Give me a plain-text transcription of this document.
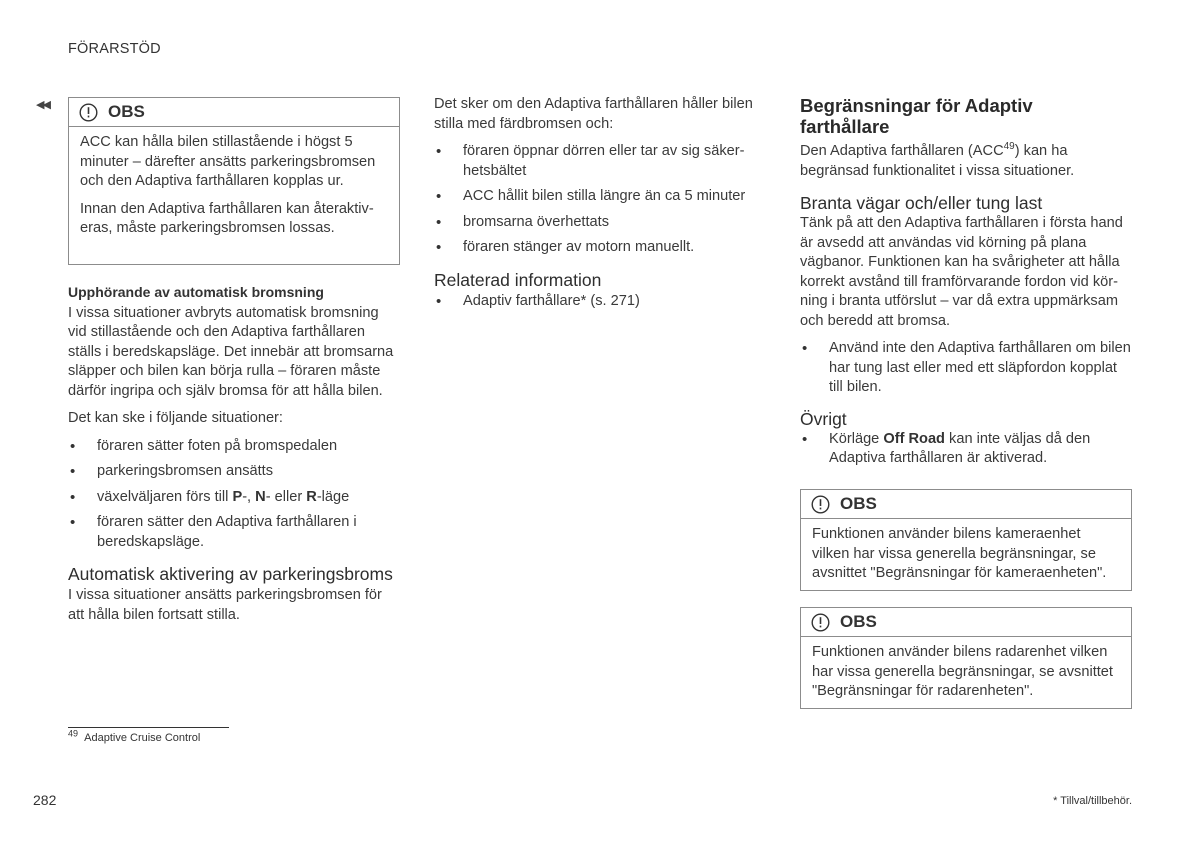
FÖRARSTÖD
◀◀	OBS

ACC kan hålla bilen stillastående i högst 5 minuter – därefter ansätts parkeringsbromsen och den Adaptiva farthållaren kopplas ur.

Innan den Adaptiva farthållaren kan återaktiveras, måste parkeringsbromsen lossas.

Upphörande av automatisk bromsning

I vissa situationer avbryts automatisk bromsning vid stillastående och den Adaptiva farthållaren ställs i beredskapsläge. Det innebär att bromsarna släpper och bilen kan börja rulla – föraren måste därför ingripa och själv bromsa för att hålla bilen.

Det kan ske i följande situationer:

• föraren sätter foten på bromspedalen
• parkeringsbromsen ansätts
• växelväljaren förs till P-, N- eller R-läge
• föraren sätter den Adaptiva farthållaren i beredskapsläge.
Automatisk aktivering av parkeringsbroms

I vissa situationer ansätts parkeringsbromsen för att hålla bilen fortsatt stilla.

Det sker om den Adaptiva farthållaren håller bilen stilla med färdbromsen och:

• föraren öppnar dörren eller tar av sig säkerhetsbältet
• ACC hållit bilen stilla längre än ca 5 minuter
• bromsarna överhettats
• föraren stänger av motorn manuellt.
Relaterad information
• Adaptiv farthållare* (s. 271)
Begränsningar för Adaptiv farthållare

Den Adaptiva farthållaren (ACC$^{49}$) kan ha begränsad funktionalitet i vissa situationer.

Branta vägar och/eller tung last

Tänk på att den Adaptiva farthållaren i första hand är avsedd att användas vid körning på plana vägbanor. Funktionen kan ha svårigheter att hålla korrekt avstånd till framförvarande fordon vid körning i branta utförslut – var då extra uppmärksam och beredd att bromsa.

• Använd inte den Adaptiva farthållaren om bilen har tung last eller med ett släpfordon kopplat till bilen.
Övrigt
• Körläge Off Road kan inte väljas då den Adaptiva farthållaren är aktiverad.
OBS

Funktionen använder bilens kameraenhet vilken har vissa generella begränsningar, se avsnittet "Begränsningar för kameraenheten".

OBS

Funktionen använder bilens radarenhet vilken har vissa generella begränsningar, se avsnittet "Begränsningar för radarenheten".

$^{49}$ Adaptive Cruise Control
282	* Tillval/tillbehör.
